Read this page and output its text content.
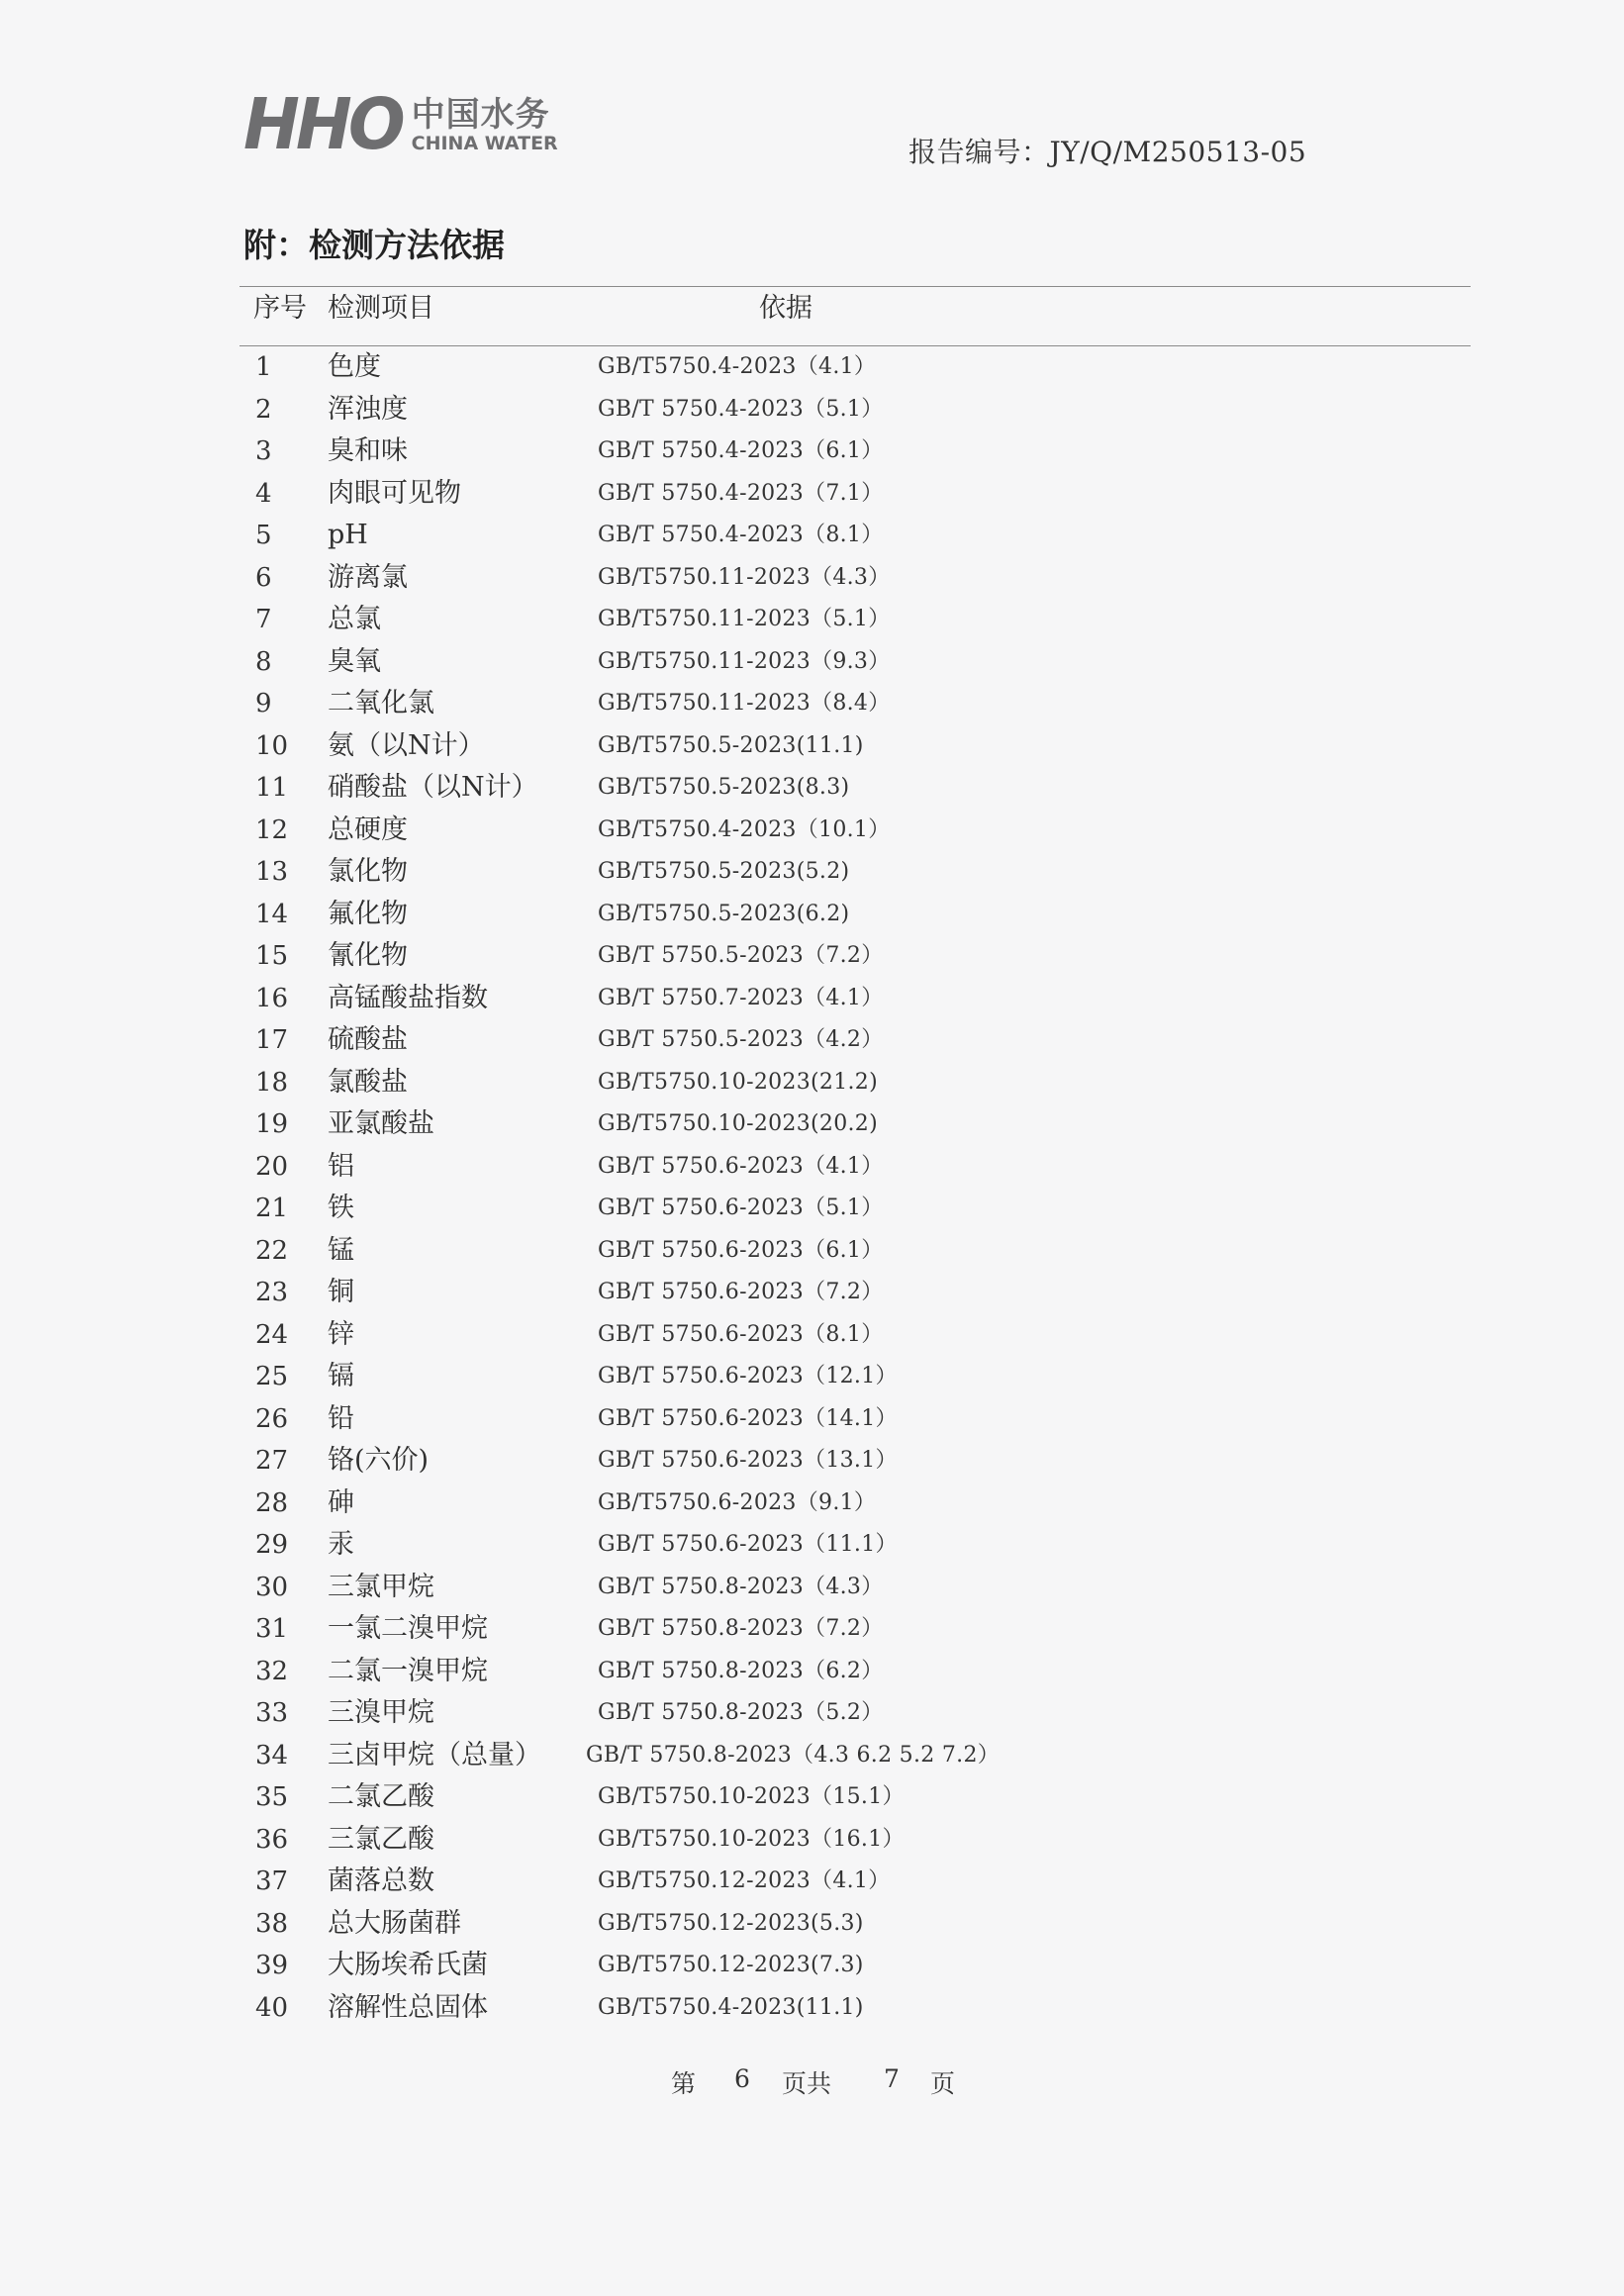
HHO 中国水务
CHINA WATER	报告编号：JY/Q/M250513-05
附：检测方法依据
序号 检测项目	依据
1 色度	GB/T5750.4-2023（4.1）
2 浑浊度	GB/T 5750.4-2023（5.1）
3 臭和味	GB/T 5750.4-2023（6.1）
4 肉眼可见物	GB/T 5750.4-2023（7.1）
5 pH	GB/T 5750.4-2023（8.1）
6 游离氯	GB/T5750.11-2023（4.3）
7 总氯	GB/T5750.11-2023（5.1）
8 臭氧	GB/T5750.11-2023（9.3）
9 二氧化氯	GB/T5750.11-2023（8.4）
10 氨（以N计）	GB/T5750.5-2023(11.1)
11 硝酸盐（以N计）	GB/T5750.5-2023(8.3)
12 总硬度	GB/T5750.4-2023（10.1）
13 氯化物	GB/T5750.5-2023(5.2)
14 氟化物	GB/T5750.5-2023(6.2)
15 氰化物	GB/T 5750.5-2023（7.2）
16 高锰酸盐指数	GB/T 5750.7-2023（4.1）
17 硫酸盐	GB/T 5750.5-2023（4.2）
18 氯酸盐	GB/T5750.10-2023(21.2)
19 亚氯酸盐	GB/T5750.10-2023(20.2)
20 铝	GB/T 5750.6-2023（4.1）
21 铁	GB/T 5750.6-2023（5.1）
22 锰	GB/T 5750.6-2023（6.1）
23 铜	GB/T 5750.6-2023（7.2）
24 锌	GB/T 5750.6-2023（8.1）
25 镉	GB/T 5750.6-2023（12.1）
26 铅	GB/T 5750.6-2023（14.1）
27 铬(六价)	GB/T 5750.6-2023（13.1）
28 砷	GB/T5750.6-2023（9.1）
29 汞	GB/T 5750.6-2023（11.1）
30 三氯甲烷	GB/T 5750.8-2023（4.3）
31 一氯二溴甲烷	GB/T 5750.8-2023（7.2）
32 二氯一溴甲烷	GB/T 5750.8-2023（6.2）
33 三溴甲烷	GB/T 5750.8-2023（5.2）
34 三卤甲烷（总量） GB/T 5750.8-2023（4.3 6.2 5.2 7.2）
35 二氯乙酸	GB/T5750.10-2023（15.1）
36 三氯乙酸	GB/T5750.10-2023（16.1）
37 菌落总数	GB/T5750.12-2023（4.1）
38 总大肠菌群	GB/T5750.12-2023(5.3)
39 大肠埃希氏菌	GB/T5750.12-2023(7.3)
40 溶解性总固体	GB/T5750.4-2023(11.1)
第 6 页共 7 页
